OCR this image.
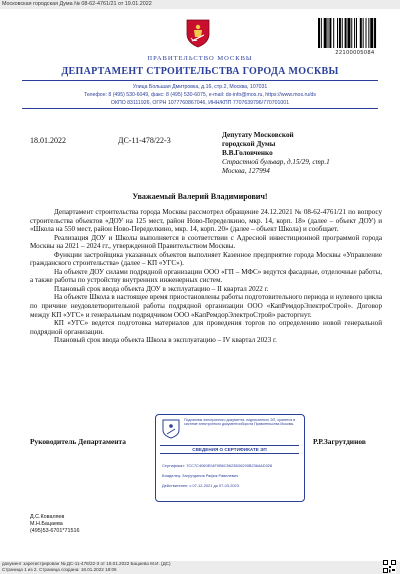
Московская городская Дума № 08-62-4761/21 от 19.01.2022
22100005084
ПРАВИТЕЛЬСТВО МОСКВЫ
ДЕПАРТАМЕНТ СТРОИТЕЛЬСТВА ГОРОДА МОСКВЫ
Улица Большая Дмитровка, д.16, стр.2, Москва, 107031
Телефон: 8 (495) 530-6049, факс: 8 (495) 530-6075, e-mail: ds-info@mos.ru, https://www.mos.ru/ds
ОКПО 83111926, ОГРН 1077760867046, ИНН/КПП 7707639796/770701001
18.01.2022	ДС-11-478/22-3
Депутату Московской
городской Думы
В.В.Головченко
Страстной бульвар, д.15/29, стр.1
Москва, 127994
Уважаемый Валерий Владимирович!

Департамент строительства города Москвы рассмотрел обращение 24.12.2021 № 08-62-4761/21 по вопросу строительства объектов «ДОУ на 125 мест, район Ново-Переделкино, мкр. 14, корп. 18» (далее – объект ДОУ) и «Школа на 550 мест, район Ново-Переделкино, мкр. 14, корп. 20» (далее – объект Школа) и сообщает.

Реализация ДОУ и Школы выполняется в соответствии с Адресной инвестиционной программой города Москвы на 2021 – 2024 гг., утвержденной Правительством Москвы.

Функции застройщика указанных объектов выполняет Казенное предприятие города Москвы «Управление гражданского строительства» (далее – КП «УГС»).

На объекте ДОУ силами подрядной организации ООО «ГП – МФС» ведутся фасадные, отделочные работы, а также работы по устройству внутренних инженерных систем.

Плановый срок ввода объекта ДОУ в эксплуатацию – II квартал 2022 г.

На объекте Школа в настоящее время приостановлены работы подготовительного периода и нулевого цикла по причине неудовлетворительной работы подрядной организации ООО «КапРемдорЭлектроСтрой». Договор между КП «УГС» и генеральным подрядчиком ООО «КапРемдорЭлектроСтрой» расторгнут.

КП «УГС» ведется подготовка материалов для проведения торгов по определению новой генеральной подрядной организации.

Плановый срок ввода объекта Школа в эксплуатацию – IV квартал 2023 г.

Руководитель Департамента	Р.Р.Загрутдинов
Подлинник электронного документа, подписанного ЭП, хранится в системе электронного документооборота Правительства Москвы.
СВЕДЕНИЯ О СЕРТИФИКАТЕ ЭП
Сертификат: 7CC7C4060E04F0B6C56235D6200B2364AD328
Владелец: Загрутдинов Рафик Равилевич
Действителен: с 07-12-2021 до 07-03-2023
Д.С.Коваляев
М.Н.Бацаева
(495)53-6701*71516
документ зарегистрирован № ДС-11-478/22-3 от 18.01.2022 Бацаева М.И. (ДС)
Страница 1 из 2. Страница создана: 18.01.2022 18:06
